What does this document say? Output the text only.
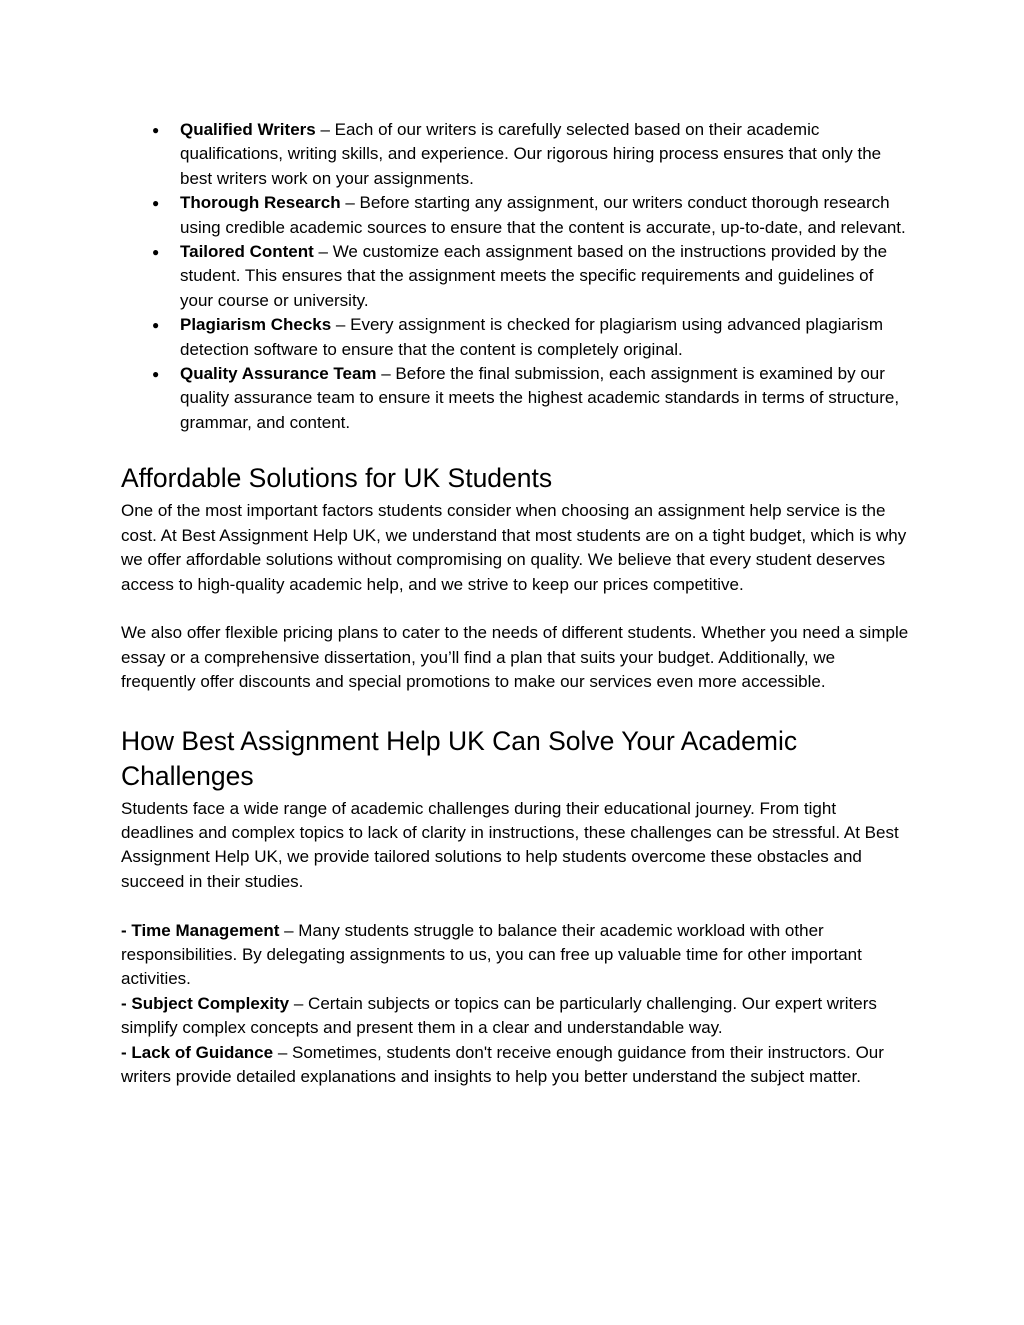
● Qualified Writers – Each of our writers is carefully selected based on their academic qualifications, writing skills, and experience. Our rigorous hiring process ensures that only the best writers work on your assignments.
● Thorough Research – Before starting any assignment, our writers conduct thorough research using credible academic sources to ensure that the content is accurate, up-to-date, and relevant.
● Tailored Content – We customize each assignment based on the instructions provided by the student. This ensures that the assignment meets the specific requirements and guidelines of your course or university.
● Plagiarism Checks – Every assignment is checked for plagiarism using advanced plagiarism detection software to ensure that the content is completely original.
● Quality Assurance Team – Before the final submission, each assignment is examined by our quality assurance team to ensure it meets the highest academic standards in terms of structure, grammar, and content.
Affordable Solutions for UK Students

One of the most important factors students consider when choosing an assignment help service is the cost. At Best Assignment Help UK, we understand that most students are on a tight budget, which is why we offer affordable solutions without compromising on quality. We believe that every student deserves access to high-quality academic help, and we strive to keep our prices competitive.

We also offer flexible pricing plans to cater to the needs of different students. Whether you need a simple essay or a comprehensive dissertation, you’ll find a plan that suits your budget. Additionally, we frequently offer discounts and special promotions to make our services even more accessible.

How Best Assignment Help UK Can Solve Your Academic Challenges

Students face a wide range of academic challenges during their educational journey. From tight deadlines and complex topics to lack of clarity in instructions, these challenges can be stressful. At Best Assignment Help UK, we provide tailored solutions to help students overcome these obstacles and succeed in their studies.

- Time Management – Many students struggle to balance their academic workload with other responsibilities. By delegating assignments to us, you can free up valuable time for other important activities.
- Subject Complexity – Certain subjects or topics can be particularly challenging. Our expert writers simplify complex concepts and present them in a clear and understandable way.
- Lack of Guidance – Sometimes, students don't receive enough guidance from their instructors. Our writers provide detailed explanations and insights to help you better understand the subject matter.
